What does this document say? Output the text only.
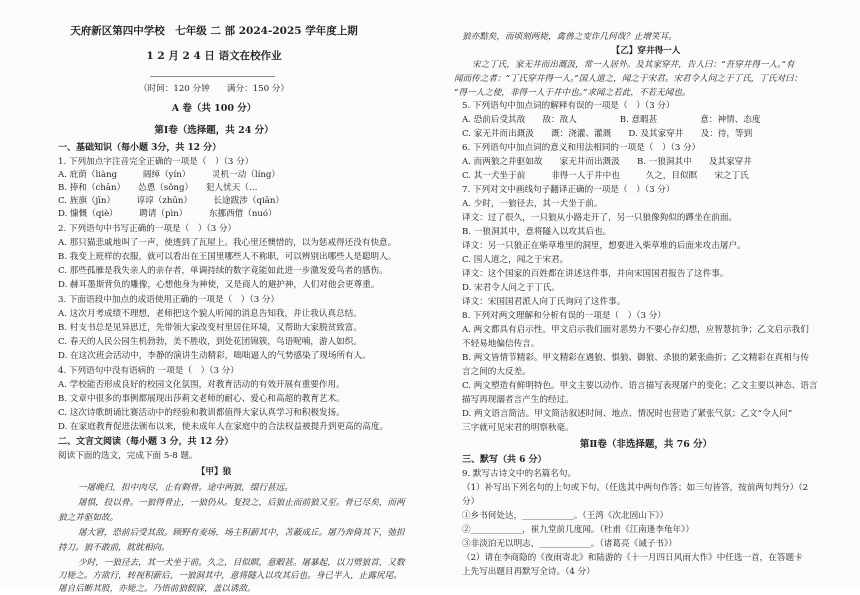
天府新区第四中学校　七年级 二 部 2024-2025 学年度上期
1 2 月 2 4 日 语文在校作业
（时间：120 分钟　　满分：150 分）
A 卷（共 100 分）
第Ⅰ卷（选择题，共 24 分）
一、基础知识（每小题 3分，共 12 分）
1. 下列加点字注音完全正确的一项是（　）（3 分）
A. 庇荫（liàng　　　阔绰（yín）　　　灵机一动（líng）
B. 捧和（chān）　　怂恿（sǒng）　　犯人忧天（…
C. 旌旗（jīn）　　　谆谆（zhūn）　　　长途跋涉（qiān）
D. 慷慨（qiè）　　　聘请（pìn）　　　东挪西借（nuó）
2. 下列语句中书写正确的一项是（　）（3 分）
A. 那只猫悲戚地叫了一声，使透到了瓦屋上。我心里还懊惜的，以为惩戒得还没有快意。
B. 我变上班样的衣服，就可以看出在王国里哪些人不称职，可以辨别出哪些人是聪明人。
C. 那些孤雁是我失亲人的亲存者，单调持续的数字竟能如此进一步激发爱鸟者的感伤。
D. 赫耳墨斯背负的雕像，心想他身为神使，又是商人的避护神，人们对他会更尊重。
3. 下面语段中加点的成语使用正确的一项是（　）（3 分）
A. 这次月考成绩不理想，老师把这个貌人听闻的消息告知我，并让我认真总结。
B. 村支书总是见异思迁，先带领大家改变村里居住环境，又帮助大家脱贫致富。
C. 春天的人民公园生机勃勃，美不胜收，到处花团锦簇，鸟语呢喃，游人如织。
D. 在这次班会活动中，李静的演讲生动精彩，咄咄逼人的气势感染了现场所有人。
4. 下列语句中没有语病的 一项是（　）（3 分）
A. 学校能否形成良好的校园文化氛围，对教育活动的有效开展有重要作用。
B. 文章中很多的事例都展现出莎莉文老师的耐心、爱心和高超的教育艺术。
C. 这次诗歌朗诵比赛活动中的经验和教训都值得大家认真学习和积极发扬。
D. 在家庭教育促进法颁布以来，使未成年人在家庭中的合法权益被提升到更高的高度。
二、文言文阅读（每小题 3 分，共 12 分）
阅读下面的选文，完成下面 5-8 题。
【甲】狼
一屠晚归，担中肉尽，止有剩骨。途中两狼，缀行甚远。
屠惧，投以骨。一狼得骨止，一狼仍从。复投之，后狼止而前狼又至。骨已尽矣，而两
狼之并驱如故。
屠大窘，恐前后受其敌。顾野有麦场，场主积薪其中，苫蔽成丘。屠乃奔倚其下，弛担
持刀。狼不敢前，眈眈相向。
少时，一狼径去，其一犬坐于前。久之，目似瞑，意暇甚。屠暴起，以刀劈狼首，又数
刀毙之。方欲行，转视积薪后，一狼洞其中，意将隧入以攻其后也。身已半入，止露尻尾。
屠自后断其股，亦毙之。乃悟前狼假寐，盖以诱敌。
狼亦黠矣，而顷刻两毙，禽兽之变诈几何哉？止增笑耳。
【乙】穿井得一人
宋之丁氏，家无井而出溉汲，常一人居外。及其家穿井，告人曰：“吾穿井得一人。”有
闻而传之者：“丁氏穿井得一人。”国人道之，闻之于宋君。宋君令人问之于丁氏，丁氏对曰：
“得一人之使，非得一人于井中也。”求闻之若此，不若无闻也。
5. 下列语句中加点词的解释有误的一项是（　）（3 分）
A. 恐前后受其敌　　敌：敌人　　　　　B. 意暇甚　　　　　意：神情、态度
C. 家无井而出溉汲　　溉：浇灌、灌溉　　D. 及其家穿井　　及：待，等到
6. 下列语句中加点词的意义和用法相同的一项是（　）（3 分）
A. 而两狼之并驱如故　　家无井而出溉汲　　B. 一狼洞其中　　及其家穿井
C. 其一犬坐于前　　　非得一人于井中也　　　久之，目似瞑　　宋之丁氏
7. 下列对文中画线句子翻译正确的一项是（　）（3 分）
A. 少时，一狼径去，其一犬坐于前。
译文：过了很久，一只狼从小路走开了，另一只狼像狗似的蹲坐在前面。
B. 一狼洞其中，意将隧入以攻其后也。
译文：另一只狼正在柴草堆里的洞里，想要进入柴草堆的后面来攻击屠户。
C. 国人道之，闻之于宋君。
译文：这个国家的百姓都在讲述这件事，并向宋国国君报告了这件事。
D. 宋君令人问之于丁氏。
译文：宋国国君派人向丁氏询问了这件事。
8. 下列对两文理解和分析有误的一项是（　）（3 分）
A. 两文都具有启示性。甲文启示我们面对恶势力不要心存幻想，应智慧抗争；乙文启示我们
不轻易地偏信传言。
B. 两文皆情节精彩。甲文精彩在遇狼、惧狼、御狼、杀狼的紧张曲折；乙文精彩在真相与传
言之间的大反差。
C. 两文塑造有鲜明特色。甲文主要以动作、语言描写表现屠户的变化；乙文主要以神态、语言
描写再现溺者言产生的经过。
D. 两文语言简洁。甲文简洁叙述时间、地点、情况时也营造了紧张气氛；乙文“令人问”
三字就可见宋君的明察秋毫。
第Ⅱ卷（非选择题，共 76 分）
三、默写（共 6 分）
9. 默写古诗文中的名篇名句。
（1）补写出下列名句的上句或下句。（任选其中两句作答；如三句皆答，按前两句判分）（2
分）
①乡书何处达，____________。（王湾《次北固山下》）
②____________，崔九堂前几度闻。（杜甫《江南逢李龟年》）
③非淡泊无以明志，____________。（诸葛亮《诫子书》）
（2）请在李商隐的《夜雨寄北》和陆游的《十一月四日风雨大作》中任选一首，在答题卡
上先写出题目再默写全诗。（4 分）
